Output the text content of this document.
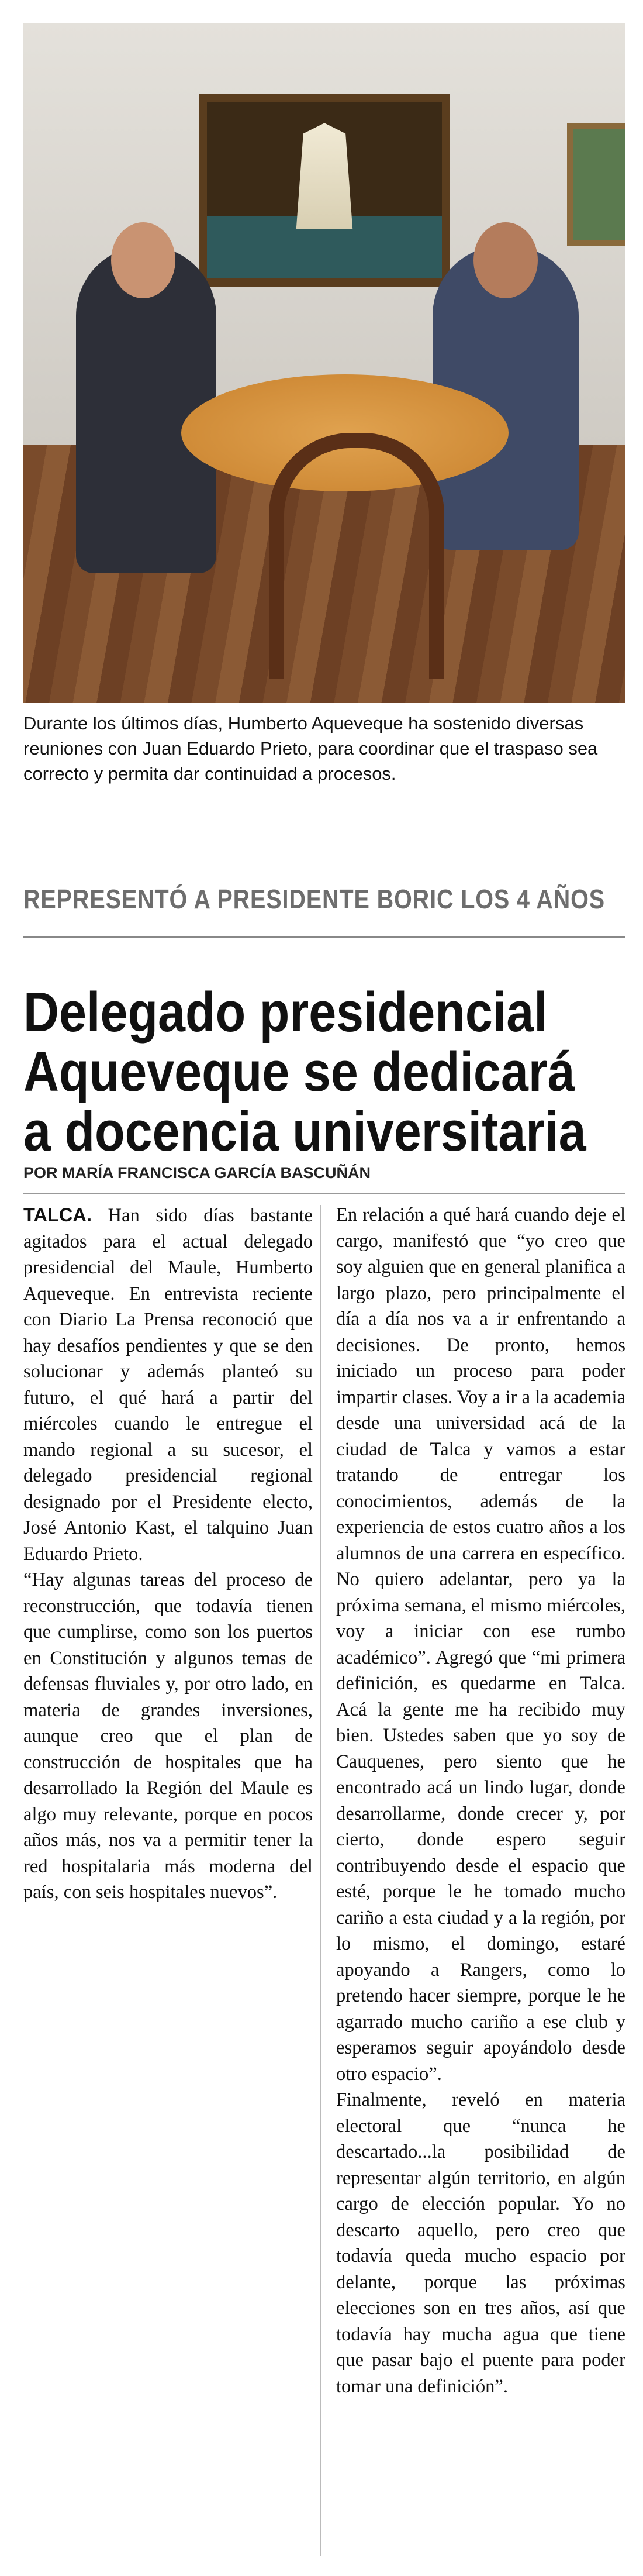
Durante los últimos días, Humberto Aqueveque ha sostenido diversas reuniones con Juan Eduardo Prieto, para coordinar que el traspaso sea correcto y permita dar continuidad a procesos.
REPRESENTÓ A PRESIDENTE BORIC LOS 4 AÑOS
Delegado presidencial
Aqueveque se dedicará
a docencia universitaria
POR MARÍA FRANCISCA GARCÍA BASCUÑÁN

TALCA. Han sido días bastante agitados para el actual delegado presidencial del Maule, Humberto Aqueveque. En entrevista reciente con Diario La Prensa reconoció que hay desafíos pendientes y que se den solucionar y además planteó su futuro, el qué hará a partir del miércoles cuando le entregue el mando regional a su sucesor, el delegado presidencial regional designado por el Presidente electo, José Antonio Kast, el talquino Juan Eduardo Prieto.

“Hay algunas tareas del proceso de reconstrucción, que todavía tienen que cumplirse, como son los puertos en Constitución y algunos temas de defensas fluviales y, por otro lado, en materia de grandes inversiones, aunque creo que el plan de construcción de hospitales que ha desarrollado la Región del Maule es algo muy relevante, porque en pocos años más, nos va a permitir tener la red hospitalaria más moderna del país, con seis hospitales nuevos”.

En relación a qué hará cuando deje el cargo, manifestó que “yo creo que soy alguien que en general planifica a largo plazo, pero principalmente el día a día nos va a ir enfrentando a decisiones. De pronto, hemos iniciado un proceso para poder impartir clases. Voy a ir a la academia desde una universidad acá de la ciudad de Talca y vamos a estar tratando de entregar los conocimientos, además de la experiencia de estos cuatro años a los alumnos de una carrera en específico. No quiero adelantar, pero ya la próxima semana, el mismo miércoles, voy a iniciar con ese rumbo académico”. Agregó que “mi primera definición, es quedarme en Talca. Acá la gente me ha recibido muy bien. Ustedes saben que yo soy de Cauquenes, pero siento que he encontrado acá un lindo lugar, donde desarrollarme, donde crecer y, por cierto, donde espero seguir contribuyendo desde el espacio que esté, porque le he tomado mucho cariño a esta ciudad y a la región, por lo mismo, el domingo, estaré apoyando a Rangers, como lo pretendo hacer siempre, porque le he agarrado mucho cariño a ese club y esperamos seguir apoyándolo desde otro espacio”.

Finalmente, reveló en materia electoral que “nunca he descartado...la posibilidad de representar algún territorio, en algún cargo de elección popular. Yo no descarto aquello, pero creo que todavía queda mucho espacio por delante, porque las próximas elecciones son en tres años, así que todavía hay mucha agua que tiene que pasar bajo el puente para poder tomar una definición”.
